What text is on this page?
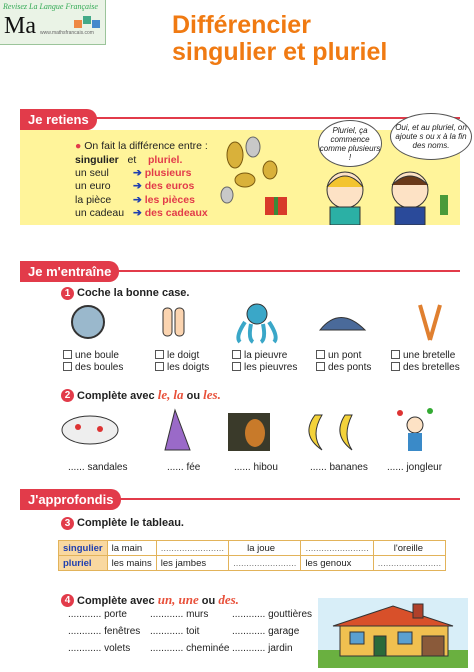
Revisez La Langue Française
Ma www.mathsfrancais.com	Différencier
singulier et pluriel
Je retiens
● On fait la différence entre :
singulier et pluriel.
un seul ➔ plusieurs
un euro ➔ des euros
la pièce ➔ les pièces
un cadeau ➔ des cadeaux
Pluriel, ça commence comme plusieurs !
Oui, et au pluriel, on ajoute s ou x à la fin des noms.
Je m'entraîne
1 Coche la bonne case.
une boule
des boules
le doigt
les doigts
la pieuvre
les pieuvres
un pont
des ponts
une bretelle
des bretelles
2 Complète avec le, la ou les.
...... sandales	...... fée	...... hibou	...... bananes ...... jongleur
J'approfondis
3 Complète le tableau.
singulier	la main	........................	la joue	........................	l'oreille
pluriel	les mains	les jambes	........................	les genoux	........................
4 Complète avec un, une ou des.
............ porte
............ fenêtres
............ volets
............ murs
............ toit
............ cheminée
............ gouttières
............ garage
............ jardin
